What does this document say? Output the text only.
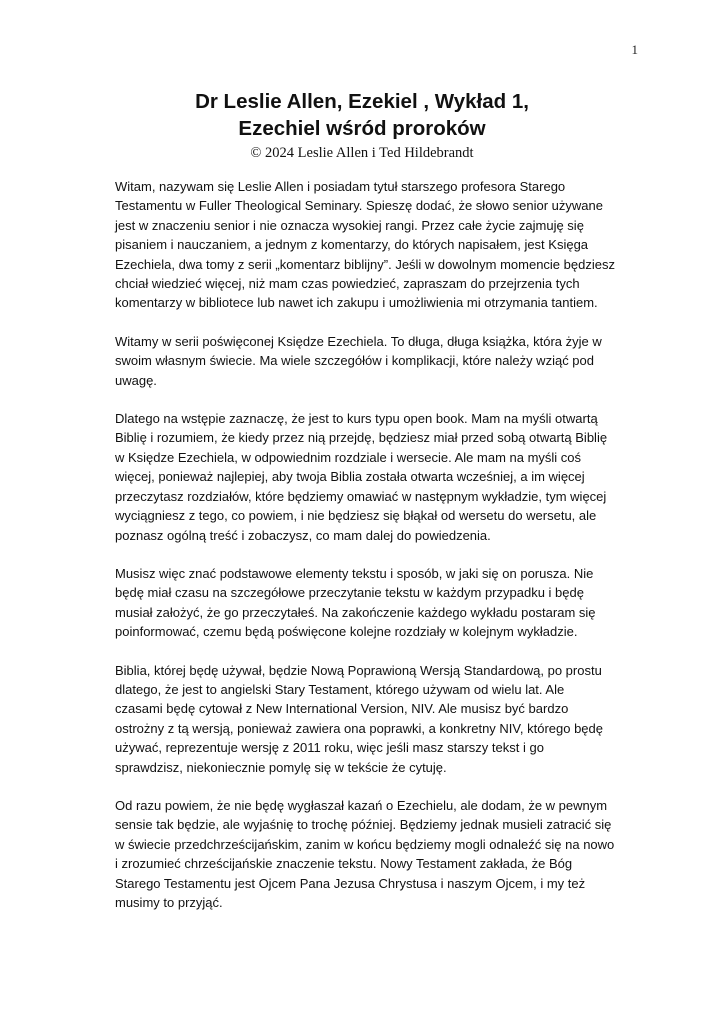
1
Dr Leslie Allen, Ezekiel , Wykład 1,
Ezechiel wśród proroków
© 2024 Leslie Allen i Ted Hildebrandt

Witam, nazywam się Leslie Allen i posiadam tytuł starszego profesora Starego Testamentu w Fuller Theological Seminary. Spieszę dodać, że słowo senior używane jest w znaczeniu senior i nie oznacza wysokiej rangi. Przez całe życie zajmuję się pisaniem i nauczaniem, a jednym z komentarzy, do których napisałem, jest Księga Ezechiela, dwa tomy z serii „komentarz biblijny”. Jeśli w dowolnym momencie będziesz chciał wiedzieć więcej, niż mam czas powiedzieć, zapraszam do przejrzenia tych komentarzy w bibliotece lub nawet ich zakupu i umożliwienia mi otrzymania tantiem.

Witamy w serii poświęconej Księdze Ezechiela. To długa, długa książka, która żyje w swoim własnym świecie. Ma wiele szczegółów i komplikacji, które należy wziąć pod uwagę.

Dlatego na wstępie zaznaczę, że jest to kurs typu open book. Mam na myśli otwartą Biblię i rozumiem, że kiedy przez nią przejdę, będziesz miał przed sobą otwartą Biblię w Księdze Ezechiela, w odpowiednim rozdziale i wersecie. Ale mam na myśli coś więcej, ponieważ najlepiej, aby twoja Biblia została otwarta wcześniej, a im więcej przeczytasz rozdziałów, które będziemy omawiać w następnym wykładzie, tym więcej wyciągniesz z tego, co powiem, i nie będziesz się błąkał od wersetu do wersetu, ale poznasz ogólną treść i zobaczysz, co mam dalej do powiedzenia.

Musisz więc znać podstawowe elementy tekstu i sposób, w jaki się on porusza. Nie będę miał czasu na szczegółowe przeczytanie tekstu w każdym przypadku i będę musiał założyć, że go przeczytałeś. Na zakończenie każdego wykładu postaram się poinformować, czemu będą poświęcone kolejne rozdziały w kolejnym wykładzie.

Biblia, której będę używał, będzie Nową Poprawioną Wersją Standardową, po prostu dlatego, że jest to angielski Stary Testament, którego używam od wielu lat. Ale czasami będę cytował z New International Version, NIV. Ale musisz być bardzo ostrożny z tą wersją, ponieważ zawiera ona poprawki, a konkretny NIV, którego będę używać, reprezentuje wersję z 2011 roku, więc jeśli masz starszy tekst i go sprawdzisz, niekoniecznie pomylę się w tekście że cytuję.

Od razu powiem, że nie będę wygłaszał kazań o Ezechielu, ale dodam, że w pewnym sensie tak będzie, ale wyjaśnię to trochę później. Będziemy jednak musieli zatracić się w świecie przedchrześcijańskim, zanim w końcu będziemy mogli odnaleźć się na nowo i zrozumieć chrześcijańskie znaczenie tekstu. Nowy Testament zakłada, że Bóg Starego Testamentu jest Ojcem Pana Jezusa Chrystusa i naszym Ojcem, i my też musimy to przyjąć.
